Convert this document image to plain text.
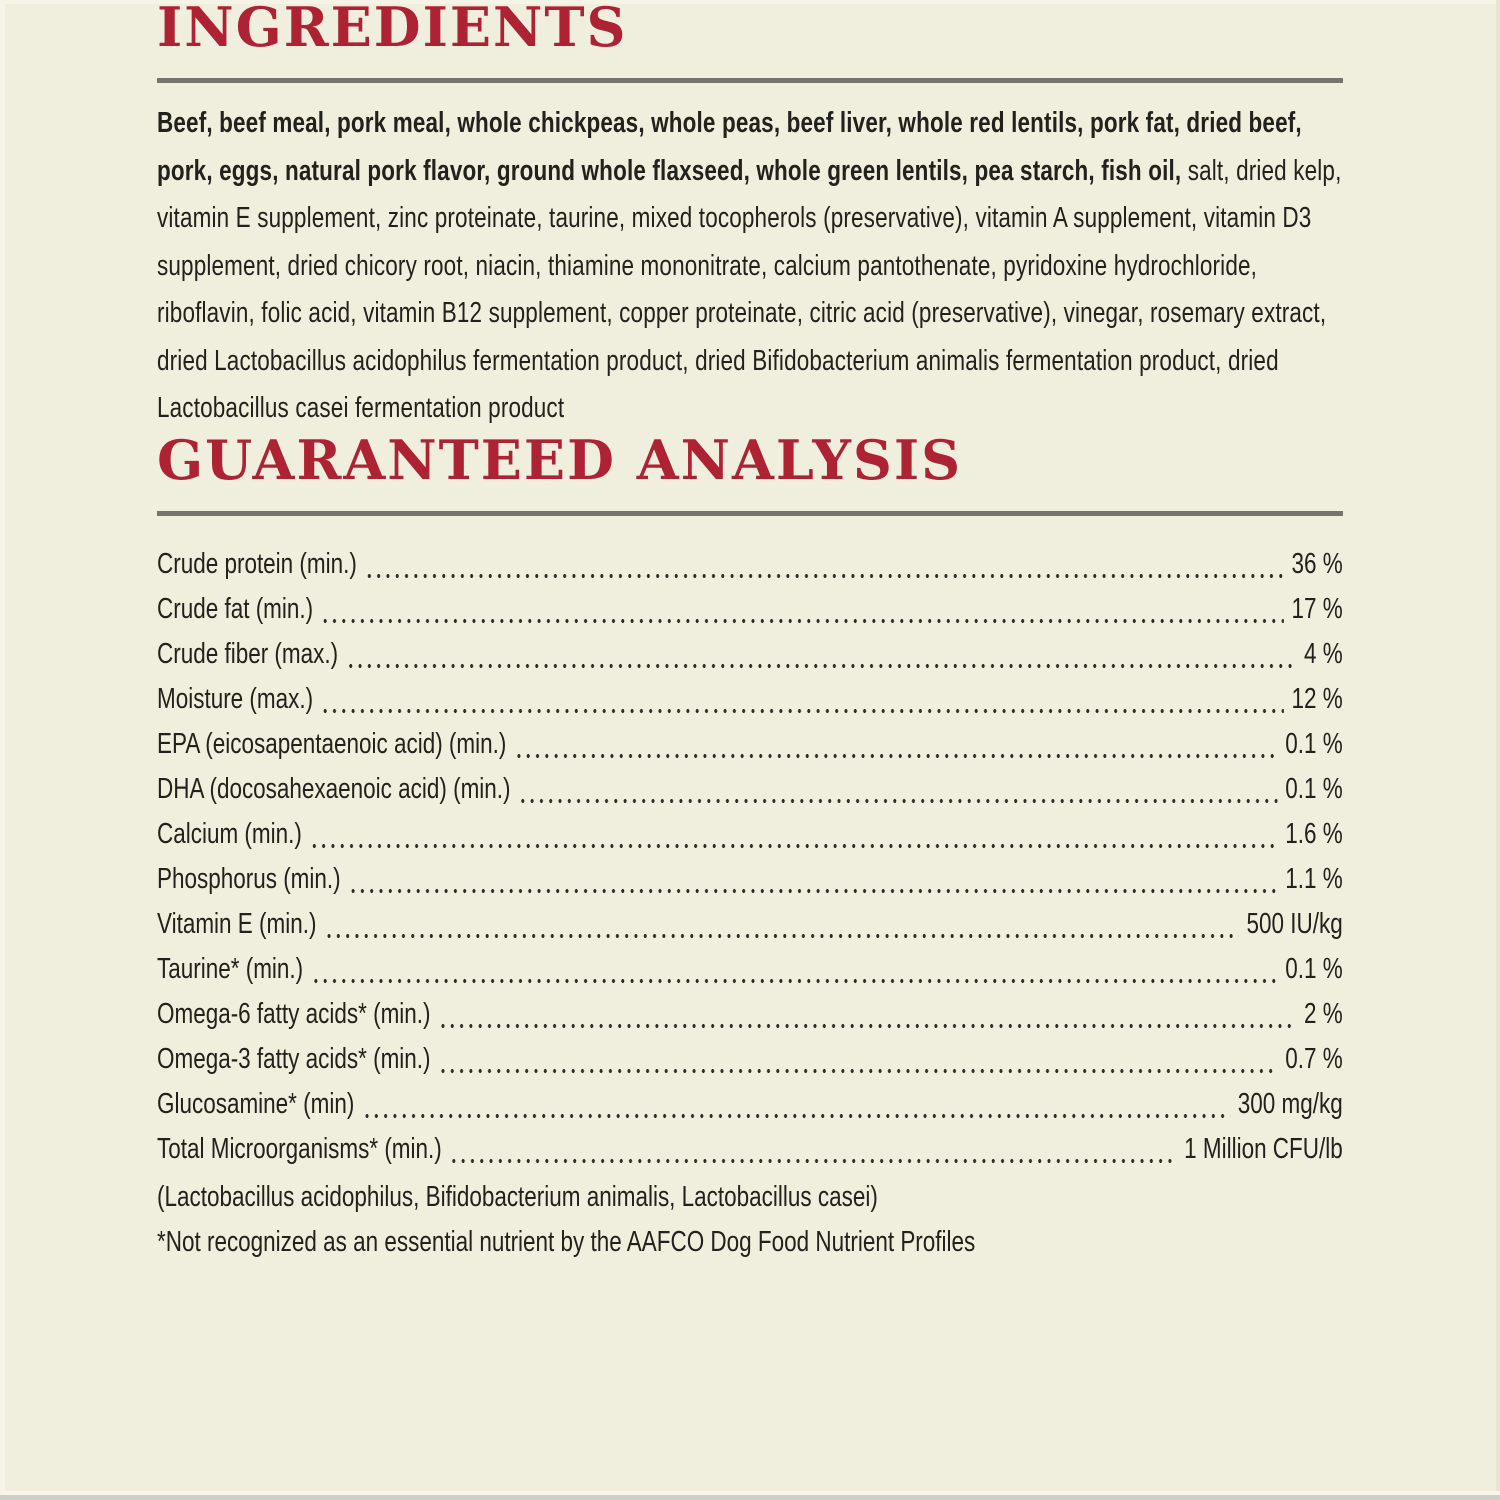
INGREDIENTS

Beef, beef meal, pork meal, whole chickpeas, whole peas, beef liver, whole red lentils, pork fat, dried beef, pork, eggs, natural pork flavor, ground whole flaxseed, whole green lentils, pea starch, fish oil, salt, dried kelp, vitamin E supplement, zinc proteinate, taurine, mixed tocopherols (preservative), vitamin A supplement, vitamin D3 supplement, dried chicory root, niacin, thiamine mononitrate, calcium pantothenate, pyridoxine hydrochloride, riboflavin, folic acid, vitamin B12 supplement, copper proteinate, citric acid (preservative), vinegar, rosemary extract, dried Lactobacillus acidophilus fermentation product, dried Bifidobacterium animalis fermentation product, dried Lactobacillus casei fermentation product

GUARANTEED ANALYSIS
Crude protein (min.)	36 %
Crude fat (min.)	17 %
Crude fiber (max.)	4 %
Moisture (max.)	12 %
EPA (eicosapentaenoic acid) (min.)	0.1 %
DHA (docosahexaenoic acid) (min.)	0.1 %
Calcium (min.)	1.6 %
Phosphorus (min.)	1.1 %
Vitamin E (min.)	500 IU/kg
Taurine* (min.)	0.1 %
Omega-6 fatty acids* (min.)	2 %
Omega-3 fatty acids* (min.)	0.7 %
Glucosamine* (min)	300 mg/kg
Total Microorganisms* (min.)	1 Million CFU/lb

(Lactobacillus acidophilus, Bifidobacterium animalis, Lactobacillus casei)

*Not recognized as an essential nutrient by the AAFCO Dog Food Nutrient Profiles
